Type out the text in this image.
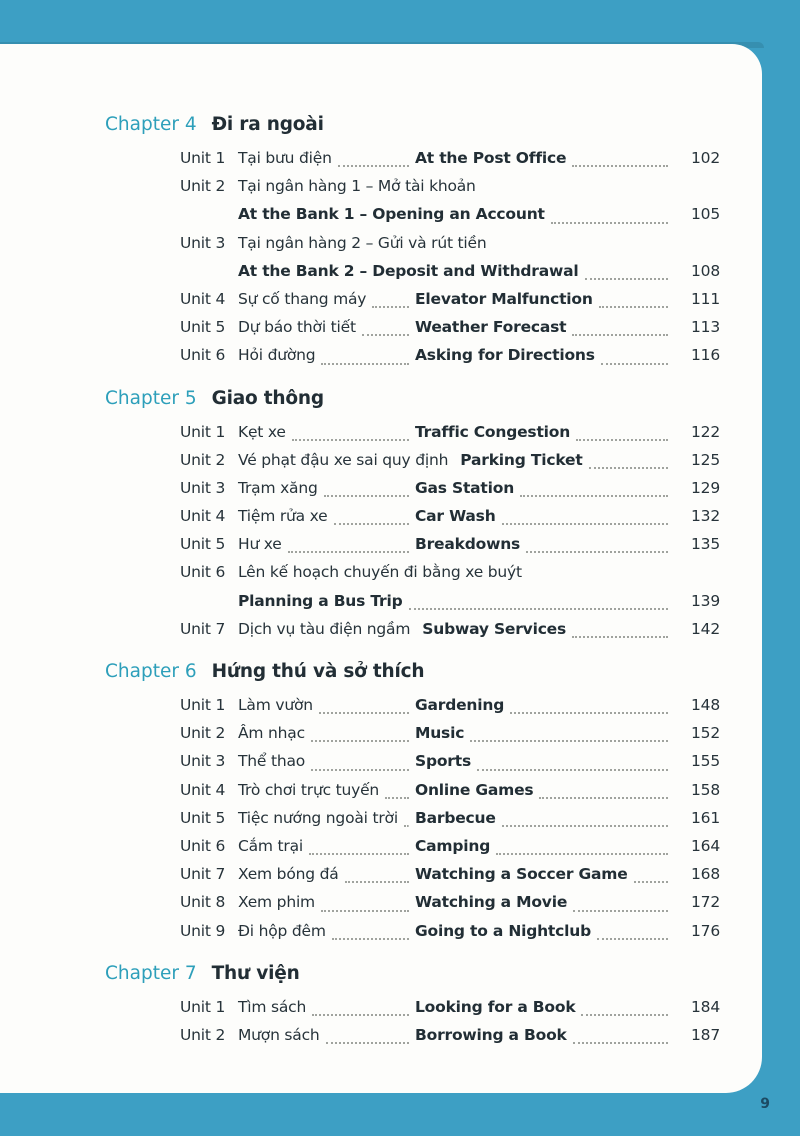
Chapter 4 Đi ra ngoài
Unit 1 Tại bưu điện	At the Post Office	102
Unit 2 Tại ngân hàng 1 – Mở tài khoản
At the Bank 1 – Opening an Account	105
Unit 3 Tại ngân hàng 2 – Gửi và rút tiền
At the Bank 2 – Deposit and Withdrawal	108
Unit 4 Sự cố thang máy	Elevator Malfunction	111
Unit 5 Dự báo thời tiết	Weather Forecast	113
Unit 6 Hỏi đường	Asking for Directions	116
Chapter 5 Giao thông
Unit 1 Kẹt xe	Traffic Congestion	122
Unit 2 Vé phạt đậu xe sai quy định Parking Ticket	125
Unit 3 Trạm xăng	Gas Station	129
Unit 4 Tiệm rửa xe	Car Wash	132
Unit 5 Hư xe	Breakdowns	135
Unit 6 Lên kế hoạch chuyến đi bằng xe buýt
Planning a Bus Trip	139
Unit 7 Dịch vụ tàu điện ngầm Subway Services	142
Chapter 6 Hứng thú và sở thích
Unit 1 Làm vườn	Gardening	148
Unit 2 Âm nhạc	Music	152
Unit 3 Thể thao	Sports	155
Unit 4 Trò chơi trực tuyến Online Games	158
Unit 5 Tiệc nướng ngoài trời Barbecue	161
Unit 6 Cắm trại	Camping	164
Unit 7 Xem bóng đá	Watching a Soccer Game	168
Unit 8 Xem phim	Watching a Movie	172
Unit 9 Đi hộp đêm	Going to a Nightclub	176
Chapter 7 Thư viện
Unit 1 Tìm sách	Looking for a Book	184
Unit 2 Mượn sách	Borrowing a Book	187
9
